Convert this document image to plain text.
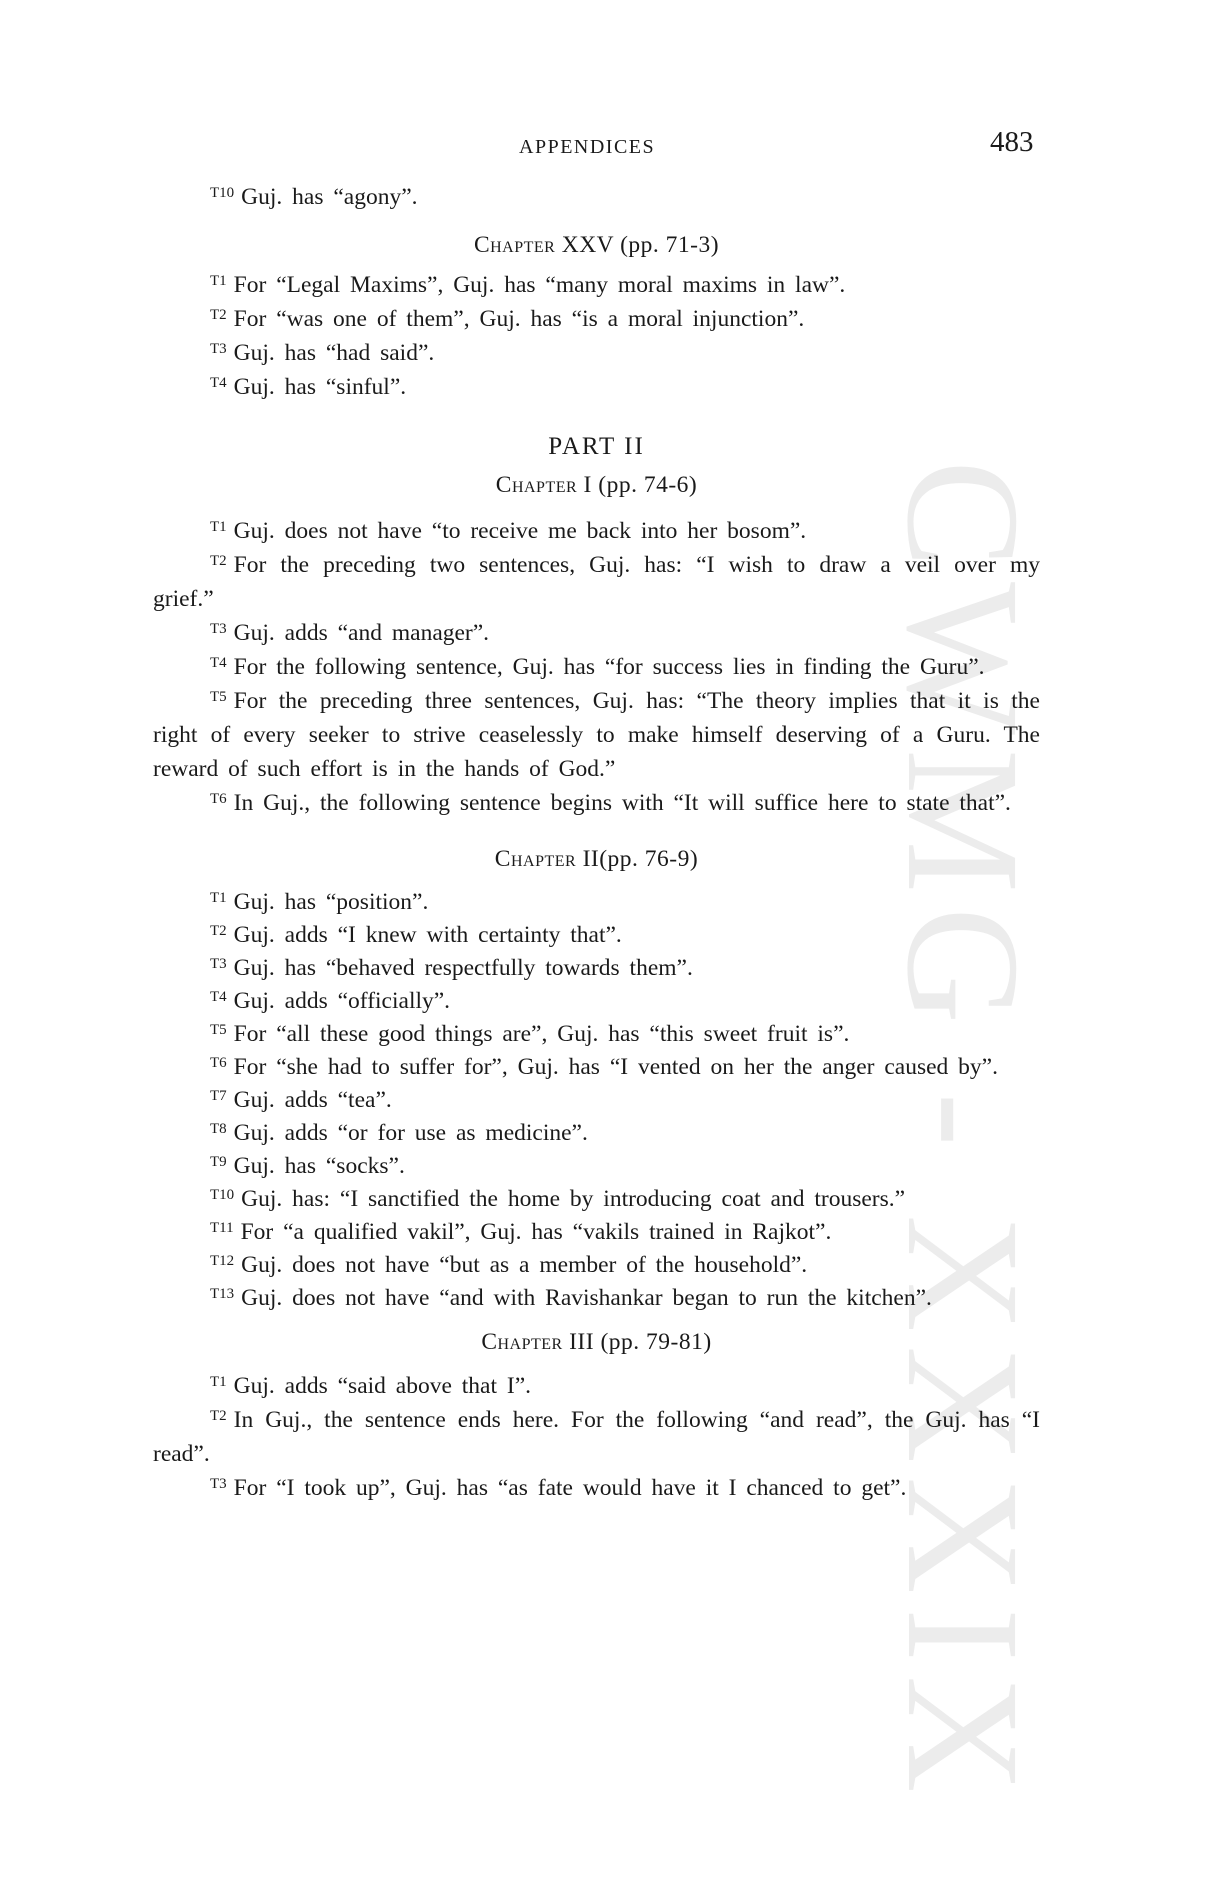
CWMG - XXXIX
APPENDICES	483

$^{T10}$ Guj. has “agony”.

Chapter XXV (pp. 71-3)

$^{T1}$ For “Legal Maxims”, Guj. has “many moral maxims in law”.

$^{T2}$ For “was one of them”, Guj. has “is a moral injunction”.

$^{T3}$ Guj. has “had said”.

$^{T4}$ Guj. has “sinful”.

PART II
Chapter I (pp. 74-6)

$^{T1}$ Guj. does not have “to receive me back into her bosom”.

$^{T2}$ For the preceding two sentences, Guj. has: “I wish to draw a veil over my grief.”

$^{T3}$ Guj. adds “and manager”.

$^{T4}$ For the following sentence, Guj. has “for success lies in finding the Guru”.

$^{T5}$ For the preceding three sentences, Guj. has: “The theory implies that it is the right of every seeker to strive ceaselessly to make himself deserving of a Guru. The reward of such effort is in the hands of God.”

$^{T6}$ In Guj., the following sentence begins with “It will suffice here to state that”.

Chapter II(pp. 76-9)

$^{T1}$ Guj. has “position”.

$^{T2}$ Guj. adds “I knew with certainty that”.

$^{T3}$ Guj. has “behaved respectfully towards them”.

$^{T4}$ Guj. adds “officially”.

$^{T5}$ For “all these good things are”, Guj. has “this sweet fruit is”.

$^{T6}$ For “she had to suffer for”, Guj. has “I vented on her the anger caused by”.

$^{T7}$ Guj. adds “tea”.

$^{T8}$ Guj. adds “or for use as medicine”.

$^{T9}$ Guj. has “socks”.

$^{T10}$ Guj. has: “I sanctified the home by introducing coat and trousers.”

$^{T11}$ For “a qualified vakil”, Guj. has “vakils trained in Rajkot”.

$^{T12}$ Guj. does not have “but as a member of the household”.

$^{T13}$ Guj. does not have “and with Ravishankar began to run the kitchen”.

Chapter III (pp. 79-81)

$^{T1}$ Guj. adds “said above that I”.

$^{T2}$ In Guj., the sentence ends here. For the following “and read”, the Guj. has “I read”.

$^{T3}$ For “I took up”, Guj. has “as fate would have it I chanced to get”.
